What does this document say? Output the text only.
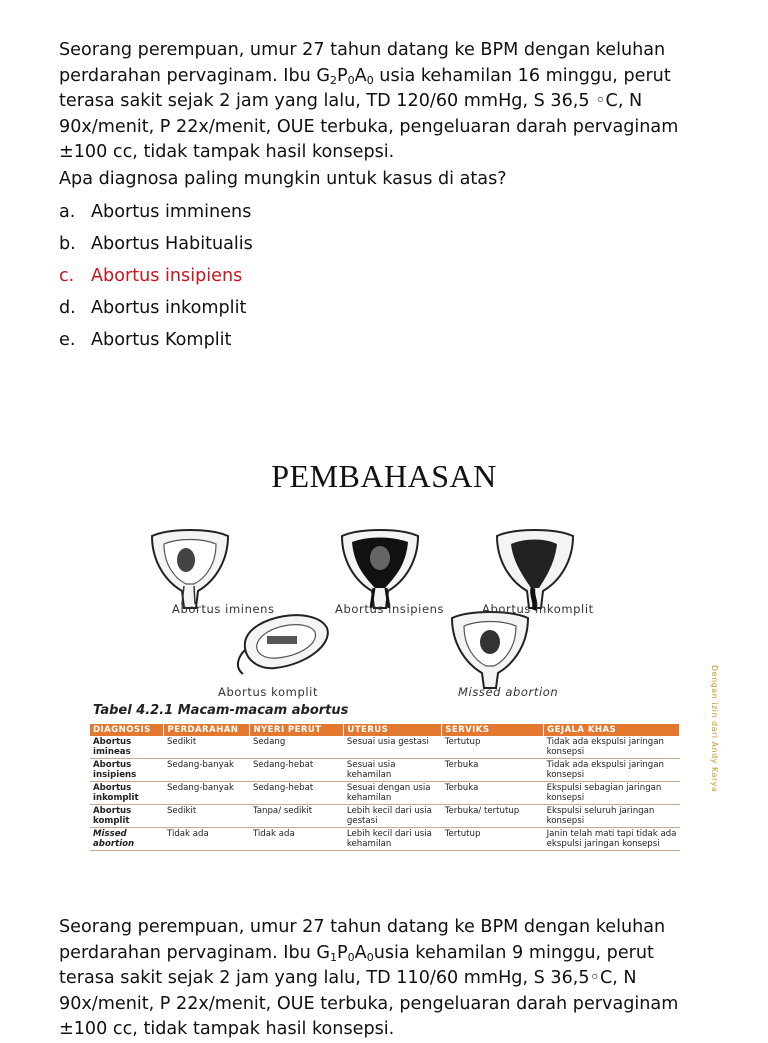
Seorang perempuan, umur 27 tahun datang ke BPM dengan keluhan
perdarahan pervaginam. Ibu $G_2P_0A_0$ usia kehamilan 16 minggu, perut
terasa sakit sejak 2 jam yang lalu, TD 120/60 mmHg, S 36,5 ◦C, N
90x/menit, P 22x/menit, OUE terbuka, pengeluaran darah pervaginam
±100 cc, tidak tampak hasil konsepsi.
Apa diagnosa paling mungkin untuk kasus di atas?
a. Abortus imminens
b. Abortus Habitualis
c. Abortus insipiens
d. Abortus inkomplit
e. Abortus Komplit
PEMBAHASAN
Abortus iminens	Abortus insipiens	Abortus inkomplit
Abortus komplit	Missed abortion
Tabel 4.2.1 Macam-macam abortus
DIAGNOSIS	PERDARAHAN	NYERI PERUT	UTERUS	SERVIKS	GEJALA KHAS
Abortus imineas	Sedikit	Sedang	Sesuai usia gestasi	Tertutup	Tidak ada ekspulsi jaringan konsepsi
Abortus insipiens	Sedang-banyak	Sedang-hebat	Sesuai usia kehamilan	Terbuka	Tidak ada ekspulsi jaringan konsepsi
Abortus inkomplit	Sedang-banyak	Sedang-hebat	Sesuai dengan usia kehamilan	Terbuka	Ekspulsi sebagian jaringan konsepsi
Abortus komplit	Sedikit	Tanpa/ sedikit	Lebih kecil dari usia gestasi	Terbuka/ tertutup	Ekspulsi seluruh jaringan konsepsi
Missed abortion	Tidak ada	Tidak ada	Lebih kecil dari usia kehamilan	Tertutup	Janin telah mati tapi tidak ada ekspulsi jaringan konsepsi
Dengan izin dari Andy Karya
Seorang perempuan, umur 27 tahun datang ke BPM dengan keluhan
perdarahan pervaginam. Ibu $G_1P_0A_0usia$ kehamilan 9 minggu, perut
terasa sakit sejak 2 jam yang lalu, TD 110/60 mmHg, S 36,5◦C, N
90x/menit, P 22x/menit, OUE terbuka, pengeluaran darah pervaginam
±100 cc, tidak tampak hasil konsepsi.
